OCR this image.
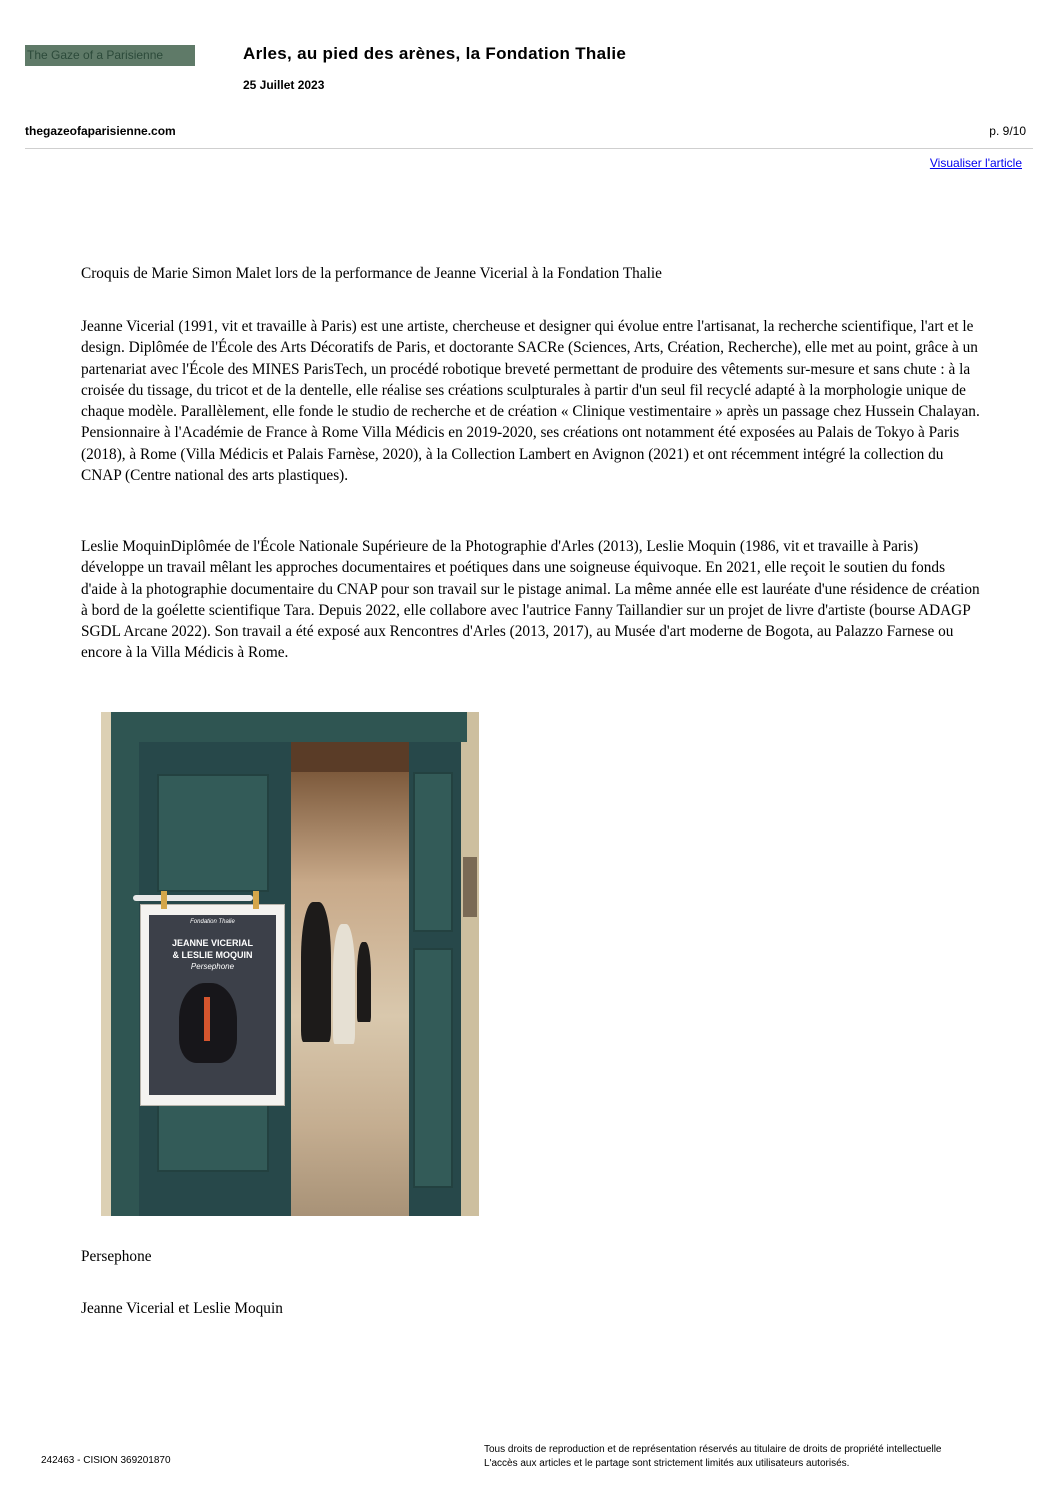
The Gaze of a Parisienne	Arles, au pied des arènes, la Fondation Thalie
25 Juillet 2023
thegazeofaparisienne.com	p. 9/10
Visualiser l'article

Croquis de Marie Simon Malet lors de la performance de Jeanne Vicerial à la Fondation Thalie

Jeanne Vicerial (1991, vit et travaille à Paris) est une artiste, chercheuse et designer qui évolue entre l'artisanat, la recherche scientifique, l'art et le design. Diplômée de l'École des Arts Décoratifs de Paris, et doctorante SACRe (Sciences, Arts, Création, Recherche), elle met au point, grâce à un partenariat avec l'École des MINES ParisTech, un procédé robotique breveté permettant de produire des vêtements sur-mesure et sans chute : à la croisée du tissage, du tricot et de la dentelle, elle réalise ses créations sculpturales à partir d'un seul fil recyclé adapté à la morphologie unique de chaque modèle. Parallèlement, elle fonde le studio de recherche et de création « Clinique vestimentaire » après un passage chez Hussein Chalayan. Pensionnaire à l'Académie de France à Rome Villa Médicis en 2019-2020, ses créations ont notamment été exposées au Palais de Tokyo à Paris (2018), à Rome (Villa Médicis et Palais Farnèse, 2020), à la Collection Lambert en Avignon (2021) et ont récemment intégré la collection du CNAP (Centre national des arts plastiques).

Leslie MoquinDiplômée de l'École Nationale Supérieure de la Photographie d'Arles (2013), Leslie Moquin (1986, vit et travaille à Paris) développe un travail mêlant les approches documentaires et poétiques dans une soigneuse équivoque. En 2021, elle reçoit le soutien du fonds d'aide à la photographie documentaire du CNAP pour son travail sur le pistage animal. La même année elle est lauréate d'une résidence de création à bord de la goélette scientifique Tara. Depuis 2022, elle collabore avec l'autrice Fanny Taillandier sur un projet de livre d'artiste (bourse ADAGP SGDL Arcane 2022). Son travail a été exposé aux Rencontres d'Arles (2013, 2017), au Musée d'art moderne de Bogota, au Palazzo Farnese ou encore à la Villa Médicis à Rome.

Fondation Thalie
JEANNE VICERIAL
& LESLIE MOQUIN
Persephone

Persephone

Jeanne Vicerial et Leslie Moquin

242463 - CISION 369201870
Tous droits de reproduction et de représentation réservés au titulaire de droits de propriété intellectuelle
L'accès aux articles et le partage sont strictement limités aux utilisateurs autorisés.
